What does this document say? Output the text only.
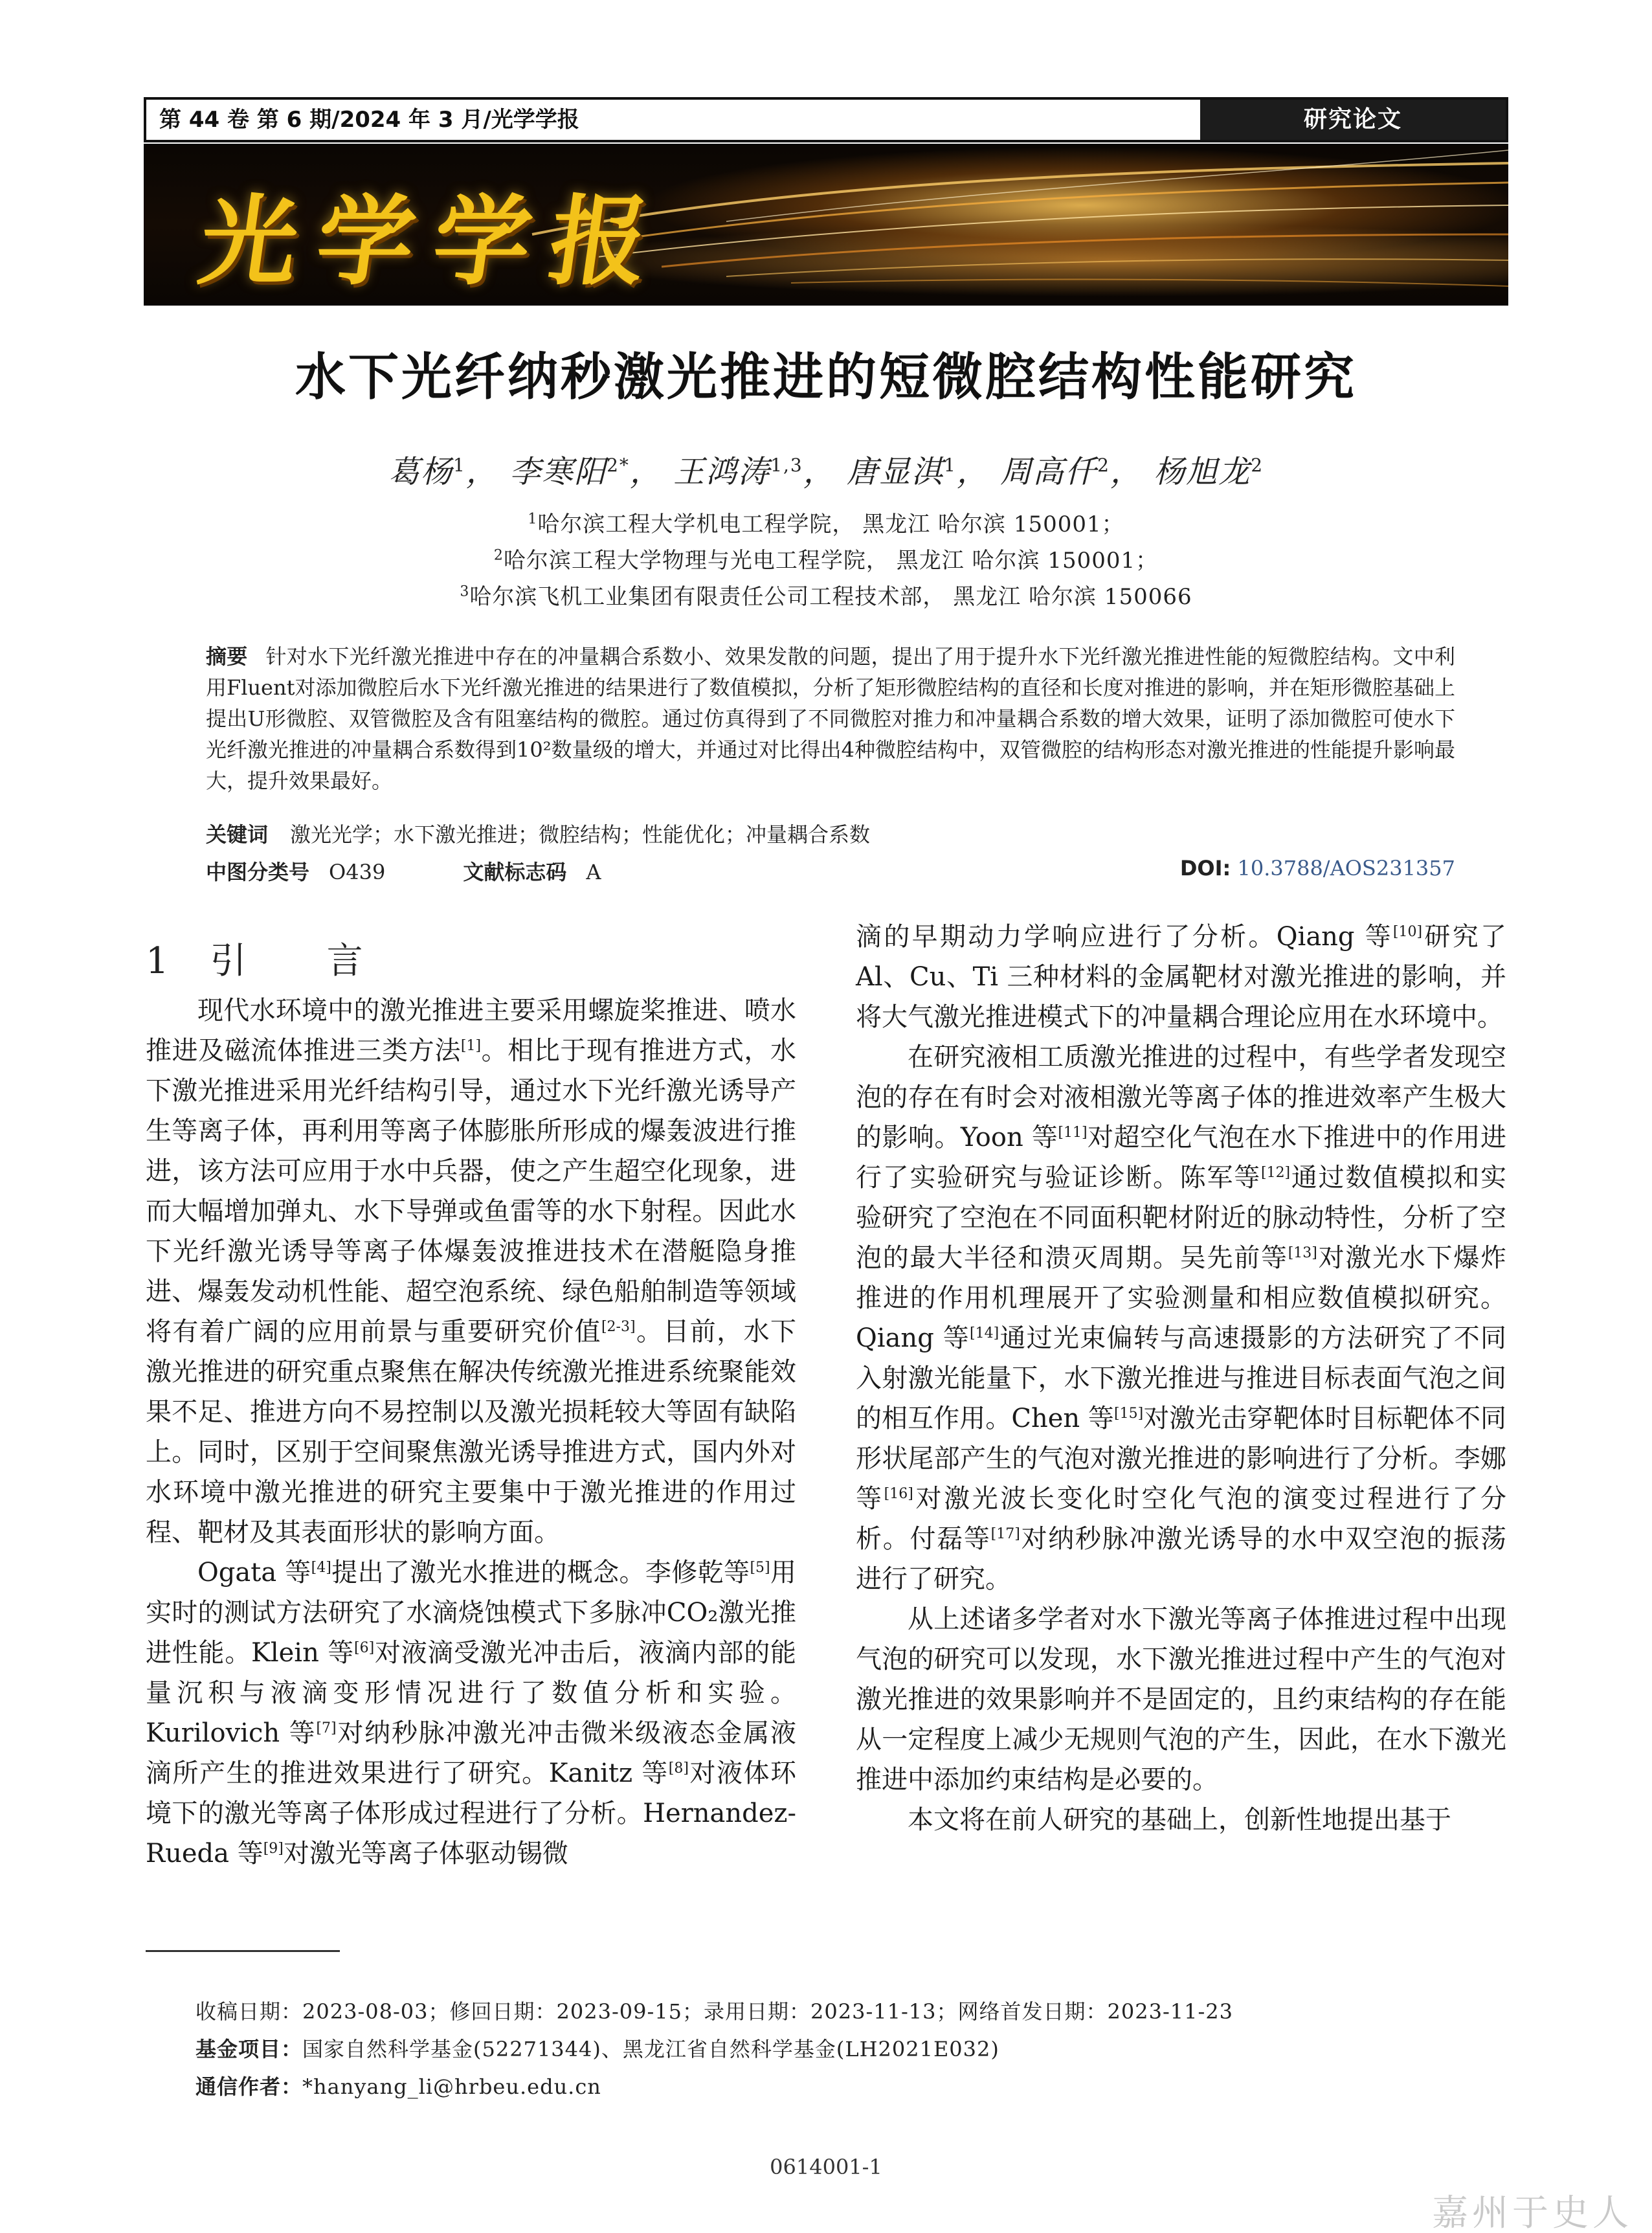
第 44 卷 第 6 期/2024 年 3 月/光学学报	研究论文
光学学报
水下光纤纳秒激光推进的短微腔结构性能研究
葛杨$^1$， 李寒阳$^{2*}$， 王鸿涛$^{1,3}$， 唐显淇$^1$， 周高仟$^2$， 杨旭龙$^2$
$^1$哈尔滨工程大学机电工程学院， 黑龙江 哈尔滨 150001；
$^2$哈尔滨工程大学物理与光电工程学院， 黑龙江 哈尔滨 150001；
$^3$哈尔滨飞机工业集团有限责任公司工程技术部， 黑龙江 哈尔滨 150066
摘要 针对水下光纤激光推进中存在的冲量耦合系数小、效果发散的问题，提出了用于提升水下光纤激光推进性能的短微腔结构。文中利用Fluent对添加微腔后水下光纤激光推进的结果进行了数值模拟，分析了矩形微腔结构的直径和长度对推进的影响，并在矩形微腔基础上提出U形微腔、双管微腔及含有阻塞结构的微腔。通过仿真得到了不同微腔对推力和冲量耦合系数的增大效果，证明了添加微腔可使水下光纤激光推进的冲量耦合系数得到10²数量级的增大，并通过对比得出4种微腔结构中，双管微腔的结构形态对激光推进的性能提升影响最大，提升效果最好。
关键词 激光光学；水下激光推进；微腔结构；性能优化；冲量耦合系数
中图分类号 O439	文献标志码 A	DOI: 10.3788/AOS231357
1 引 言

现代水环境中的激光推进主要采用螺旋桨推进、喷水推进及磁流体推进三类方法[1]。相比于现有推进方式，水下激光推进采用光纤结构引导，通过水下光纤激光诱导产生等离子体，再利用等离子体膨胀所形成的爆轰波进行推进，该方法可应用于水中兵器，使之产生超空化现象，进而大幅增加弹丸、水下导弹或鱼雷等的水下射程。因此水下光纤激光诱导等离子体爆轰波推进技术在潜艇隐身推进、爆轰发动机性能、超空泡系统、绿色船舶制造等领域将有着广阔的应用前景与重要研究价值[2-3]。目前，水下激光推进的研究重点聚焦在解决传统激光推进系统聚能效果不足、推进方向不易控制以及激光损耗较大等固有缺陷上。同时，区别于空间聚焦激光诱导推进方式，国内外对水环境中激光推进的研究主要集中于激光推进的作用过程、靶材及其表面形状的影响方面。

Ogata 等[4]提出了激光水推进的概念。李修乾等[5]用实时的测试方法研究了水滴烧蚀模式下多脉冲CO₂激光推进性能。Klein 等[6]对液滴受激光冲击后，液滴内部的能量沉积与液滴变形情况进行了数值分析和实验。Kurilovich 等[7]对纳秒脉冲激光冲击微米级液态金属液滴所产生的推进效果进行了研究。Kanitz 等[8]对液体环境下的激光等离子体形成过程进行了分析。Hernandez-Rueda 等[9]对激光等离子体驱动锡微

滴的早期动力学响应进行了分析。Qiang 等[10]研究了Al、Cu、Ti 三种材料的金属靶材对激光推进的影响，并将大气激光推进模式下的冲量耦合理论应用在水环境中。

在研究液相工质激光推进的过程中，有些学者发现空泡的存在有时会对液相激光等离子体的推进效率产生极大的影响。Yoon 等[11]对超空化气泡在水下推进中的作用进行了实验研究与验证诊断。陈军等[12]通过数值模拟和实验研究了空泡在不同面积靶材附近的脉动特性，分析了空泡的最大半径和溃灭周期。吴先前等[13]对激光水下爆炸推进的作用机理展开了实验测量和相应数值模拟研究。Qiang 等[14]通过光束偏转与高速摄影的方法研究了不同入射激光能量下，水下激光推进与推进目标表面气泡之间的相互作用。Chen 等[15]对激光击穿靶体时目标靶体不同形状尾部产生的气泡对激光推进的影响进行了分析。李娜等[16]对激光波长变化时空化气泡的演变过程进行了分析。付磊等[17]对纳秒脉冲激光诱导的水中双空泡的振荡进行了研究。

从上述诸多学者对水下激光等离子体推进过程中出现气泡的研究可以发现，水下激光推进过程中产生的气泡对激光推进的效果影响并不是固定的，且约束结构的存在能从一定程度上减少无规则气泡的产生，因此，在水下激光推进中添加约束结构是必要的。

本文将在前人研究的基础上，创新性地提出基于

收稿日期：2023-08-03；修回日期：2023-09-15；录用日期：2023-11-13；网络首发日期：2023-11-23
基金项目：国家自然科学基金(52271344)、黑龙江省自然科学基金(LH2021E032)
通信作者：*hanyang_li@hrbeu.edu.cn
0614001-1
嘉州于史人
